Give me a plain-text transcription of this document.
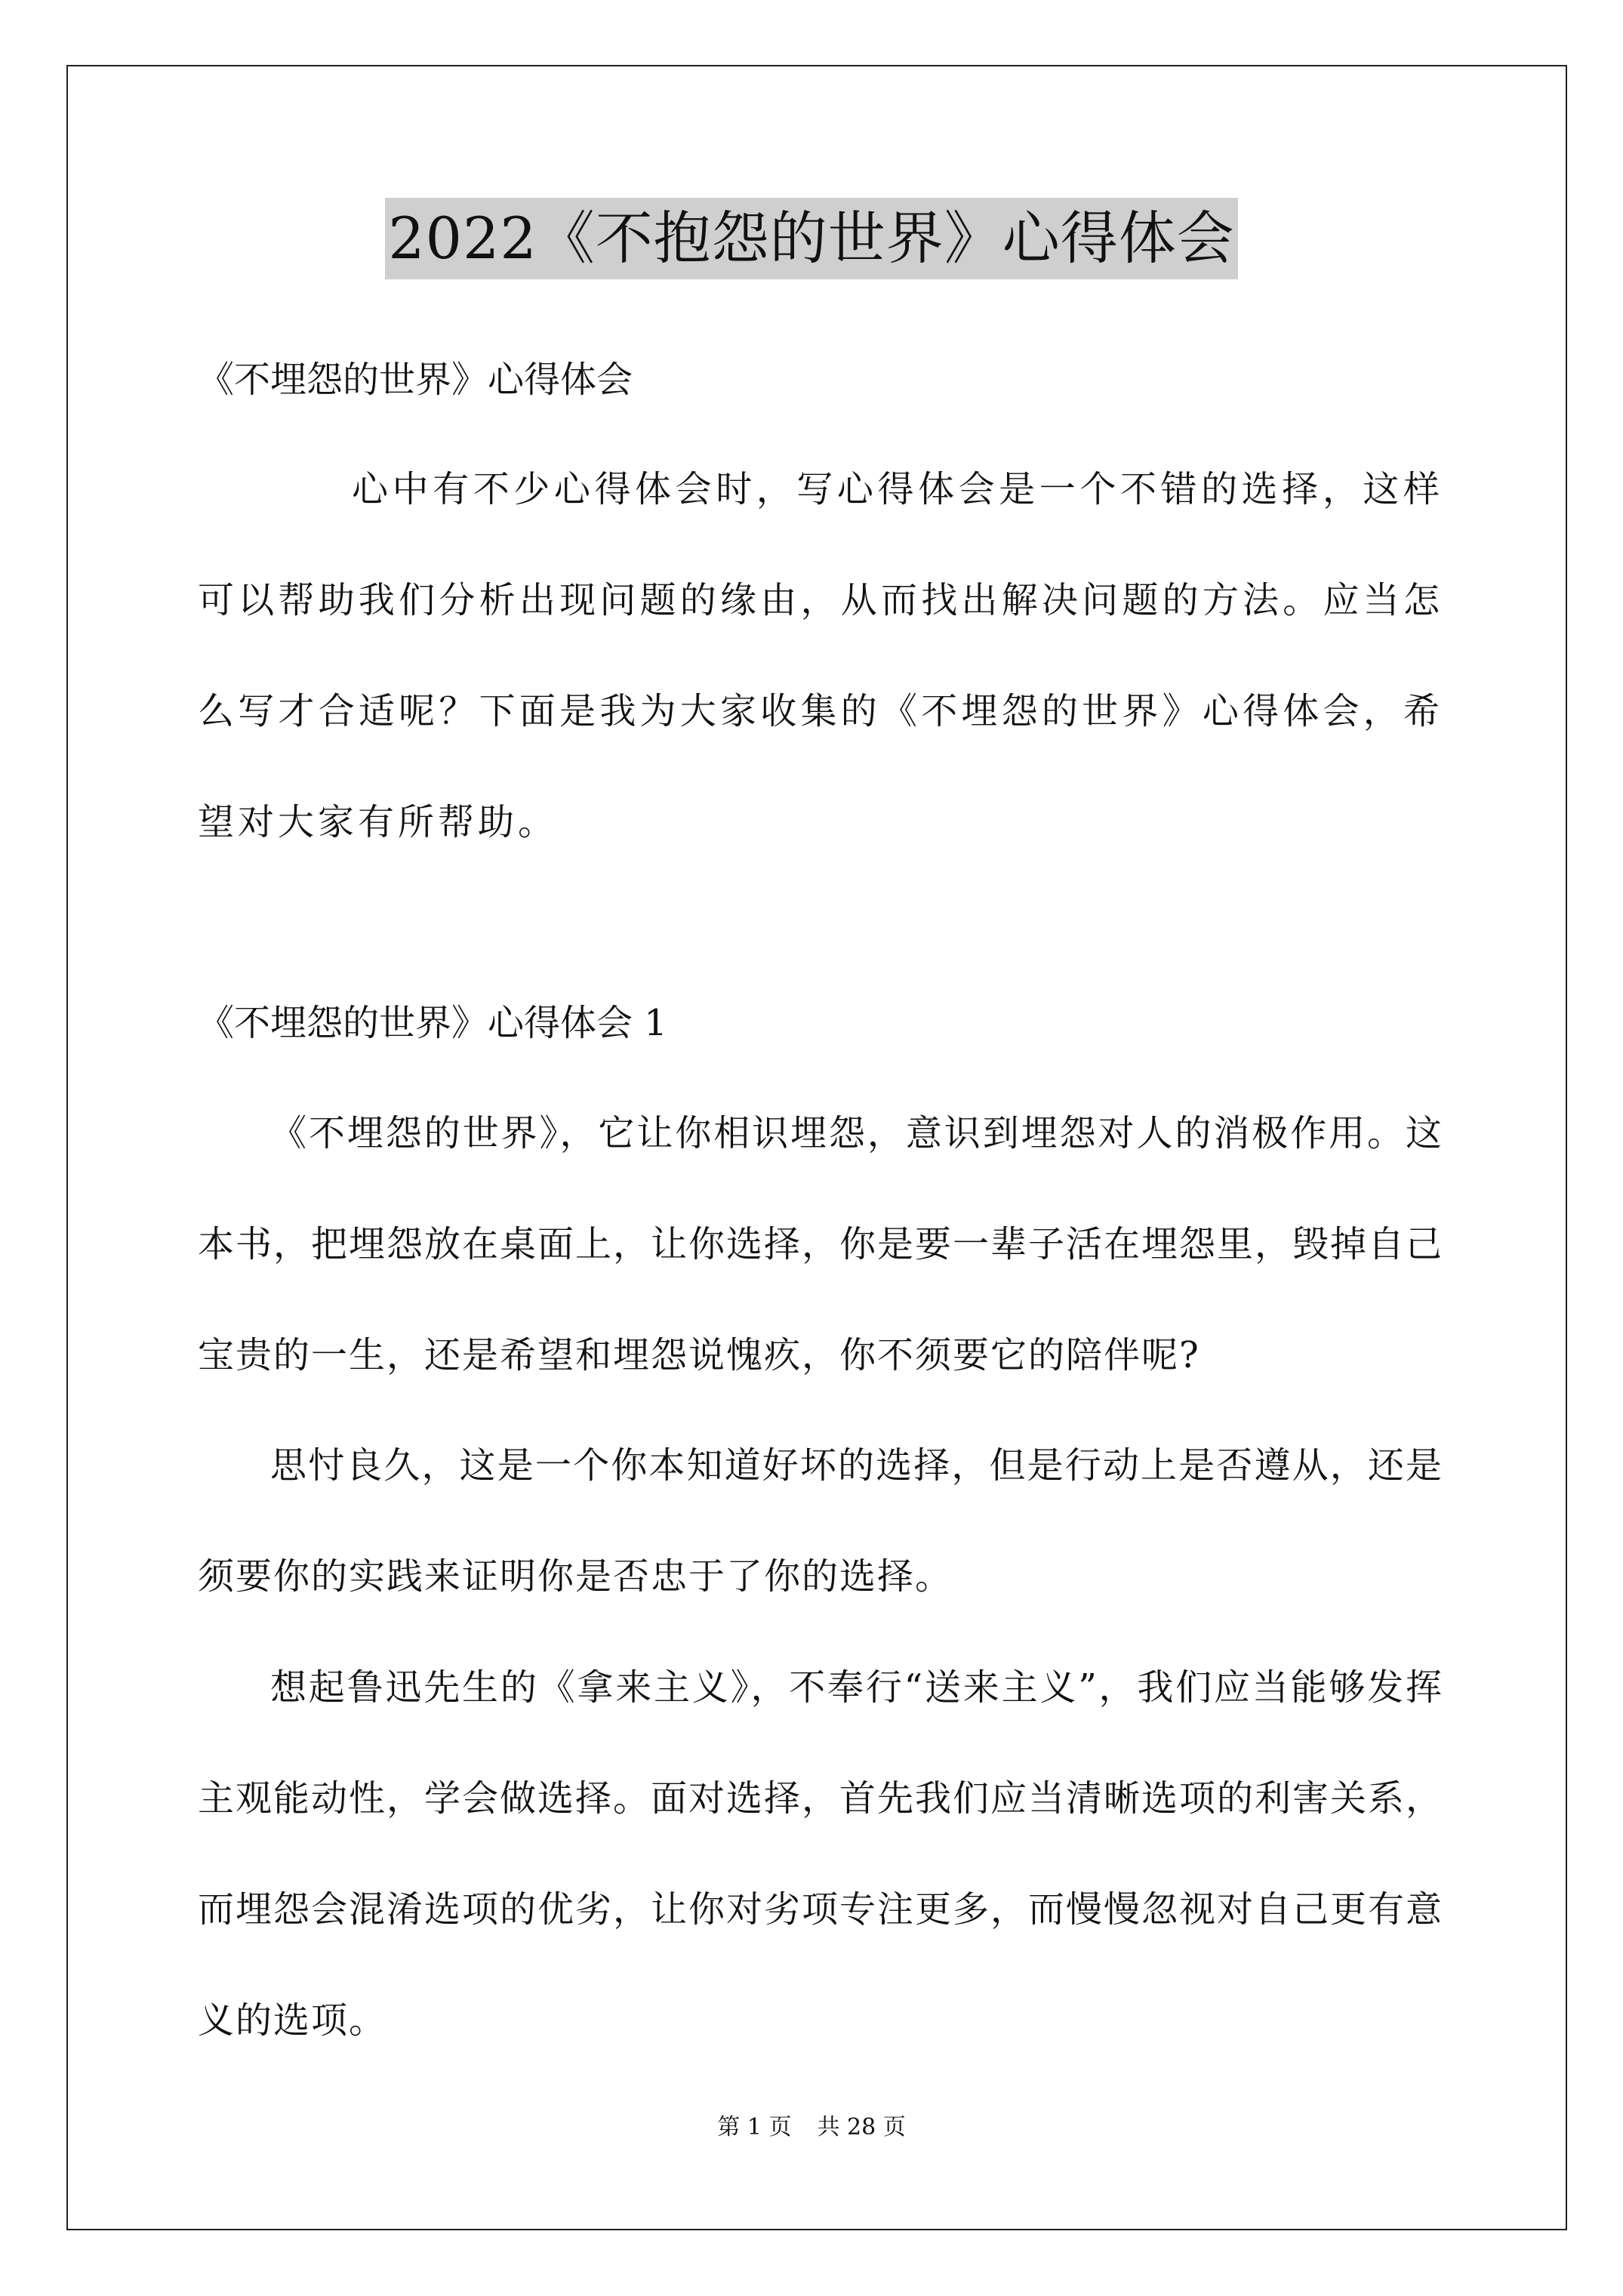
2022《不抱怨的世界》心得体会
《不埋怨的世界》心得体会
心中有不少心得体会时，写心得体会是一个不错的选择，这样可以帮助我们分析出现问题的缘由，从而找出解决问题的方法。应当怎么写才合适呢？下面是我为大家收集的《不埋怨的世界》心得体会，希望对大家有所帮助。
《不埋怨的世界》心得体会 1
《不埋怨的世界》，它让你相识埋怨，意识到埋怨对人的消极作用。这本书，把埋怨放在桌面上，让你选择，你是要一辈子活在埋怨里，毁掉自己宝贵的一生，还是希望和埋怨说愧疚，你不须要它的陪伴呢?
思忖良久，这是一个你本知道好坏的选择，但是行动上是否遵从，还是须要你的实践来证明你是否忠于了你的选择。
想起鲁迅先生的《拿来主义》，不奉行“送来主义”，我们应当能够发挥主观能动性，学会做选择。面对选择，首先我们应当清晰选项的利害关系，而埋怨会混淆选项的优劣，让你对劣项专注更多，而慢慢忽视对自己更有意义的选项。
第 1 页 共 28 页
